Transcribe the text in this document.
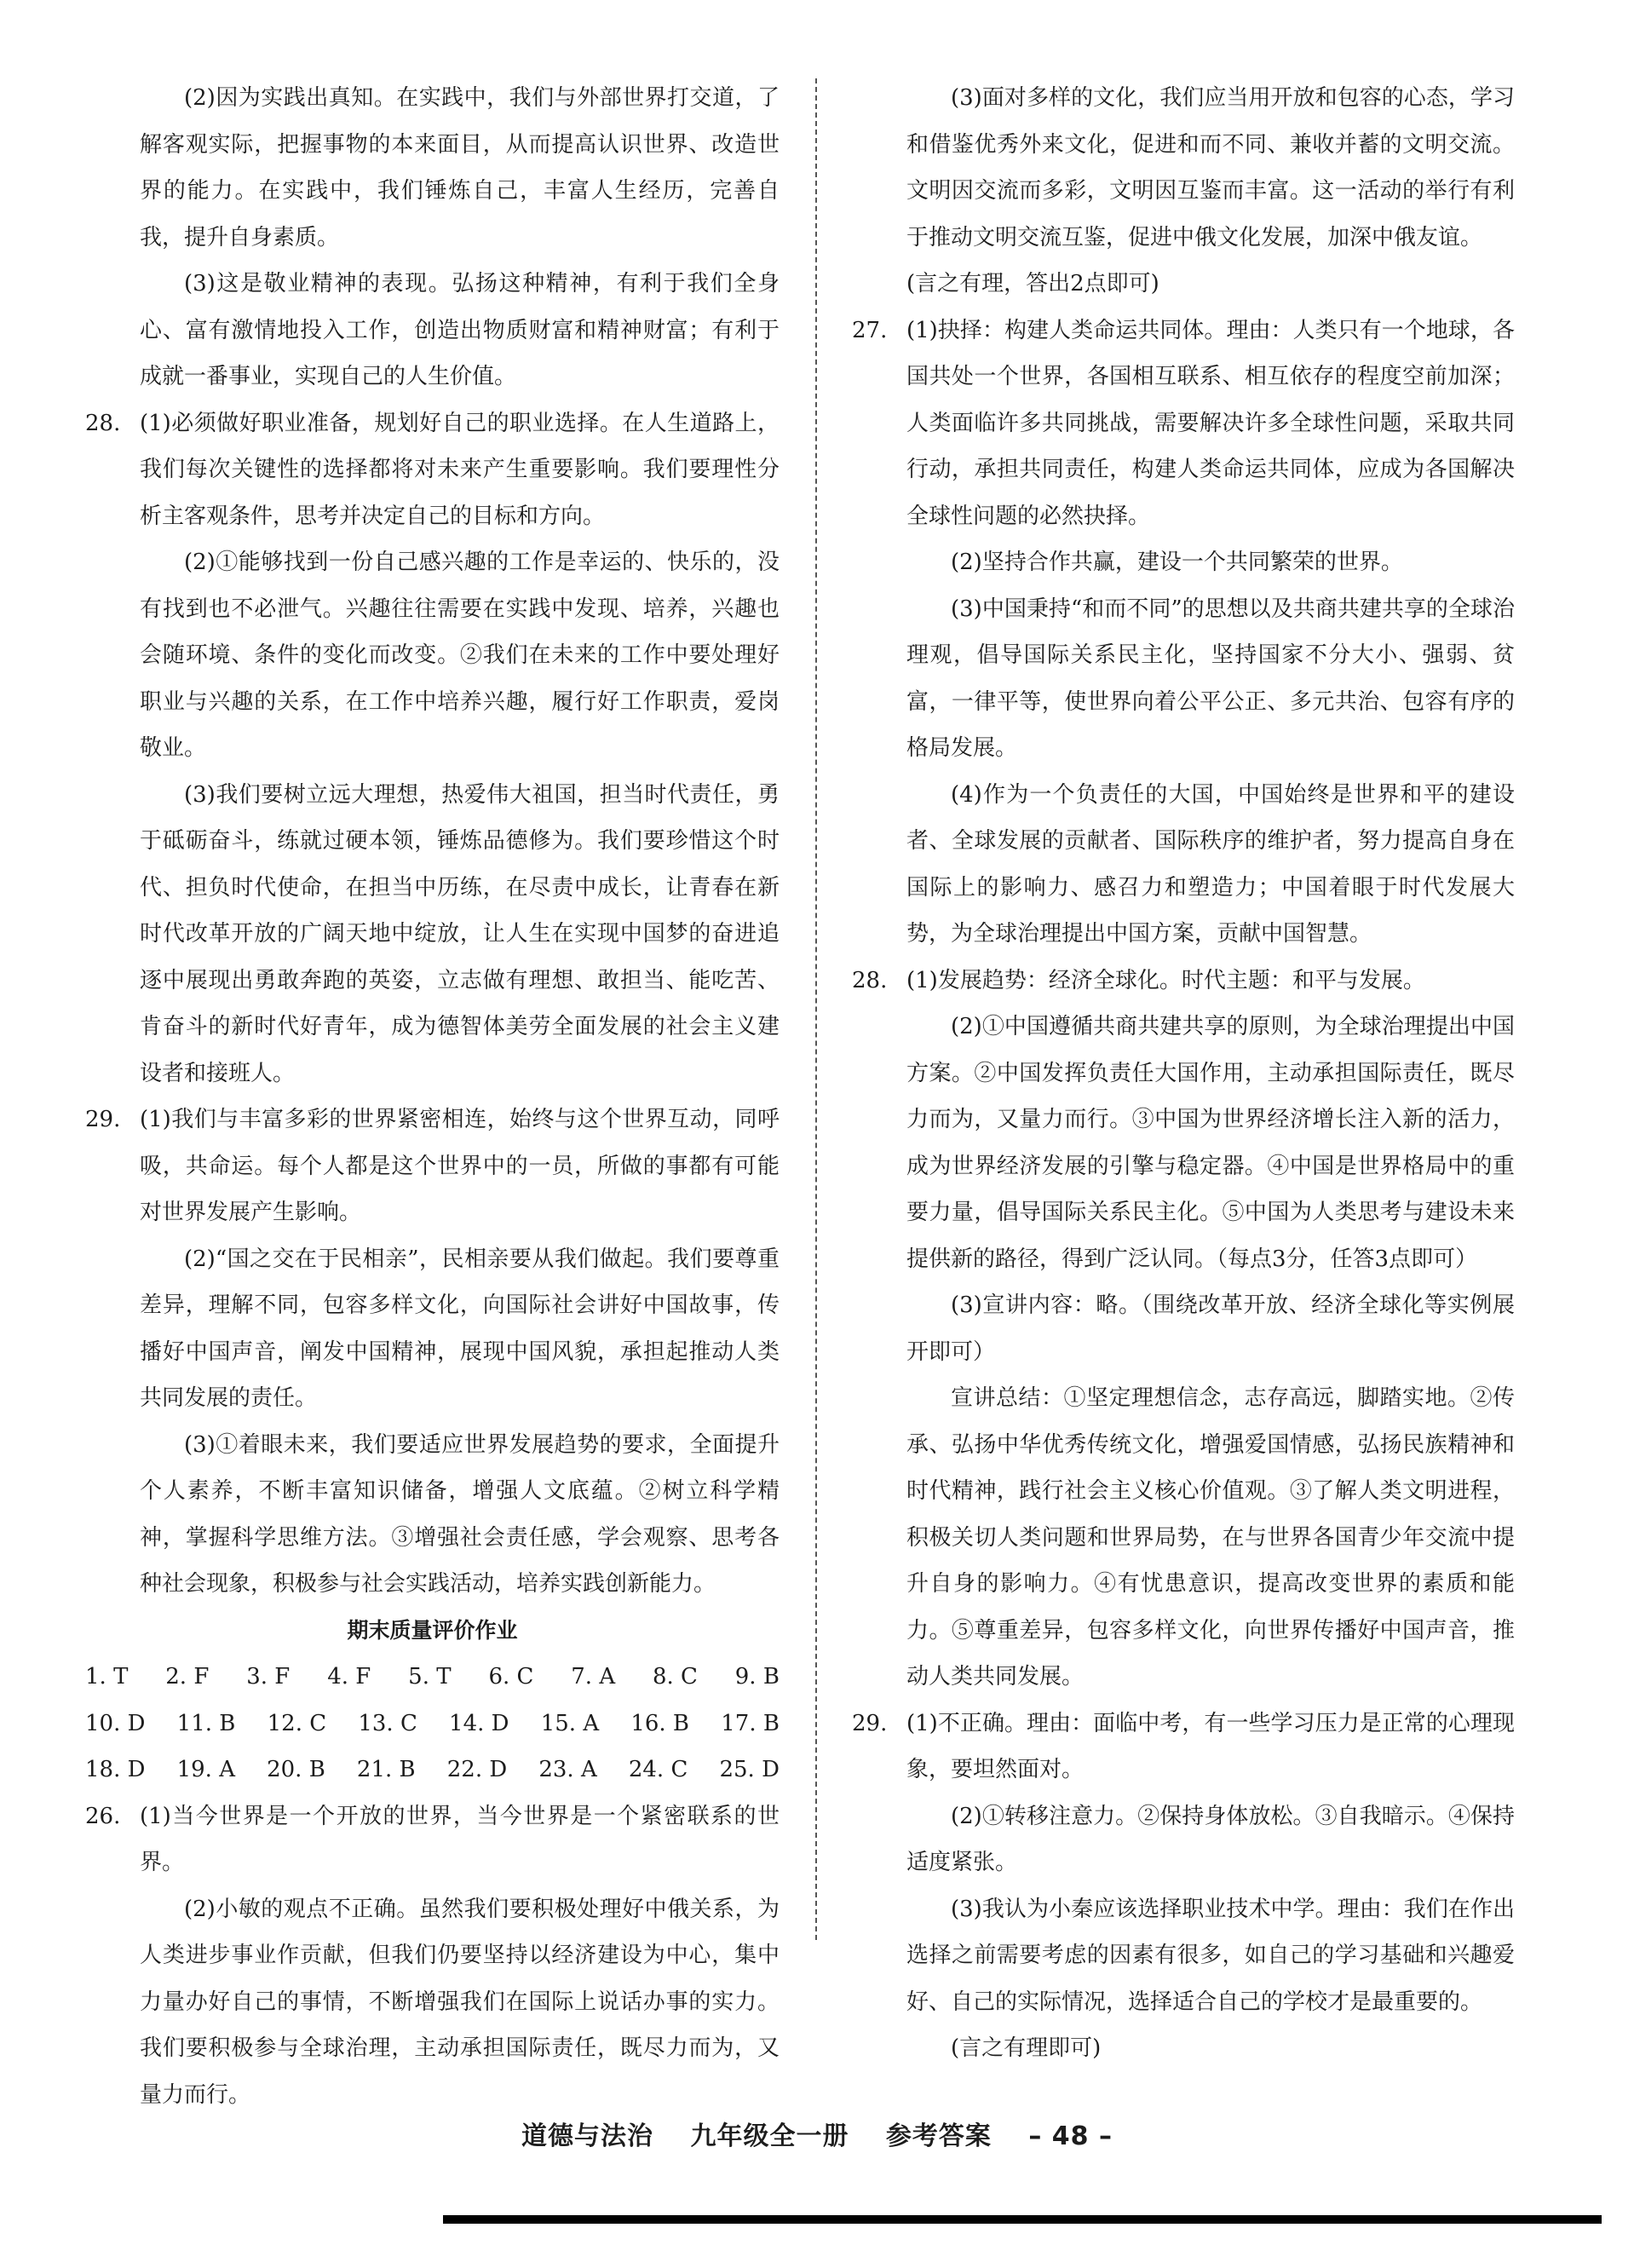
(2)因为实践出真知。在实践中，我们与外部世界打交道，了解客观实际，把握事物的本来面目，从而提高认识世界、改造世界的能力。在实践中，我们锤炼自己，丰富人生经历，完善自我，提升自身素质。

(3)这是敬业精神的表现。弘扬这种精神，有利于我们全身心、富有激情地投入工作，创造出物质财富和精神财富；有利于成就一番事业，实现自己的人生价值。

28. (1)必须做好职业准备，规划好自己的职业选择。在人生道路上，我们每次关键性的选择都将对未来产生重要影响。我们要理性分析主客观条件，思考并决定自己的目标和方向。

(2)①能够找到一份自己感兴趣的工作是幸运的、快乐的，没有找到也不必泄气。兴趣往往需要在实践中发现、培养，兴趣也会随环境、条件的变化而改变。②我们在未来的工作中要处理好职业与兴趣的关系，在工作中培养兴趣，履行好工作职责，爱岗敬业。

(3)我们要树立远大理想，热爱伟大祖国，担当时代责任，勇于砥砺奋斗，练就过硬本领，锤炼品德修为。我们要珍惜这个时代、担负时代使命，在担当中历练，在尽责中成长，让青春在新时代改革开放的广阔天地中绽放，让人生在实现中国梦的奋进追逐中展现出勇敢奔跑的英姿，立志做有理想、敢担当、能吃苦、肯奋斗的新时代好青年，成为德智体美劳全面发展的社会主义建设者和接班人。

29. (1)我们与丰富多彩的世界紧密相连，始终与这个世界互动，同呼吸，共命运。每个人都是这个世界中的一员，所做的事都有可能对世界发展产生影响。

(2)“国之交在于民相亲”，民相亲要从我们做起。我们要尊重差异，理解不同，包容多样文化，向国际社会讲好中国故事，传播好中国声音，阐发中国精神，展现中国风貌，承担起推动人类共同发展的责任。

(3)①着眼未来，我们要适应世界发展趋势的要求，全面提升个人素养，不断丰富知识储备，增强人文底蕴。②树立科学精神，掌握科学思维方法。③增强社会责任感，学会观察、思考各种社会现象，积极参与社会实践活动，培养实践创新能力。

期末质量评价作业

1. T 2. F 3. F 4. F 5. T 6. C 7. A 8. C 9. B
10. D 11. B 12. C 13. C 14. D 15. A 16. B 17. B
18. D 19. A 20. B 21. B 22. D 23. A 24. C 25. D
26. (1)当今世界是一个开放的世界，当今世界是一个紧密联系的世界。

(2)小敏的观点不正确。虽然我们要积极处理好中俄关系，为人类进步事业作贡献，但我们仍要坚持以经济建设为中心，集中力量办好自己的事情，不断增强我们在国际上说话办事的实力。我们要积极参与全球治理，主动承担国际责任，既尽力而为，又量力而行。

(3)面对多样的文化，我们应当用开放和包容的心态，学习和借鉴优秀外来文化，促进和而不同、兼收并蓄的文明交流。文明因交流而多彩，文明因互鉴而丰富。这一活动的举行有利于推动文明交流互鉴，促进中俄文化发展，加深中俄友谊。

(言之有理，答出2点即可)

27. (1)抉择：构建人类命运共同体。理由：人类只有一个地球，各国共处一个世界，各国相互联系、相互依存的程度空前加深；人类面临许多共同挑战，需要解决许多全球性问题，采取共同行动，承担共同责任，构建人类命运共同体，应成为各国解决全球性问题的必然抉择。

(2)坚持合作共赢，建设一个共同繁荣的世界。

(3)中国秉持“和而不同”的思想以及共商共建共享的全球治理观，倡导国际关系民主化，坚持国家不分大小、强弱、贫富，一律平等，使世界向着公平公正、多元共治、包容有序的格局发展。

(4)作为一个负责任的大国，中国始终是世界和平的建设者、全球发展的贡献者、国际秩序的维护者，努力提高自身在国际上的影响力、感召力和塑造力；中国着眼于时代发展大势，为全球治理提出中国方案，贡献中国智慧。

28. (1)发展趋势：经济全球化。时代主题：和平与发展。

(2)①中国遵循共商共建共享的原则，为全球治理提出中国方案。②中国发挥负责任大国作用，主动承担国际责任，既尽力而为，又量力而行。③中国为世界经济增长注入新的活力，成为世界经济发展的引擎与稳定器。④中国是世界格局中的重要力量，倡导国际关系民主化。⑤中国为人类思考与建设未来提供新的路径，得到广泛认同。（每点3分，任答3点即可）

(3)宣讲内容：略。（围绕改革开放、经济全球化等实例展开即可）

宣讲总结：①坚定理想信念，志存高远，脚踏实地。②传承、弘扬中华优秀传统文化，增强爱国情感，弘扬民族精神和时代精神，践行社会主义核心价值观。③了解人类文明进程，积极关切人类问题和世界局势，在与世界各国青少年交流中提升自身的影响力。④有忧患意识，提高改变世界的素质和能力。⑤尊重差异，包容多样文化，向世界传播好中国声音，推动人类共同发展。

29. (1)不正确。理由：面临中考，有一些学习压力是正常的心理现象，要坦然面对。

(2)①转移注意力。②保持身体放松。③自我暗示。④保持适度紧张。

(3)我认为小秦应该选择职业技术中学。理由：我们在作出选择之前需要考虑的因素有很多，如自己的学习基础和兴趣爱好、自己的实际情况，选择适合自己的学校才是最重要的。

(言之有理即可)

道德与法治 九年级全一册 参考答案 – 48 –
